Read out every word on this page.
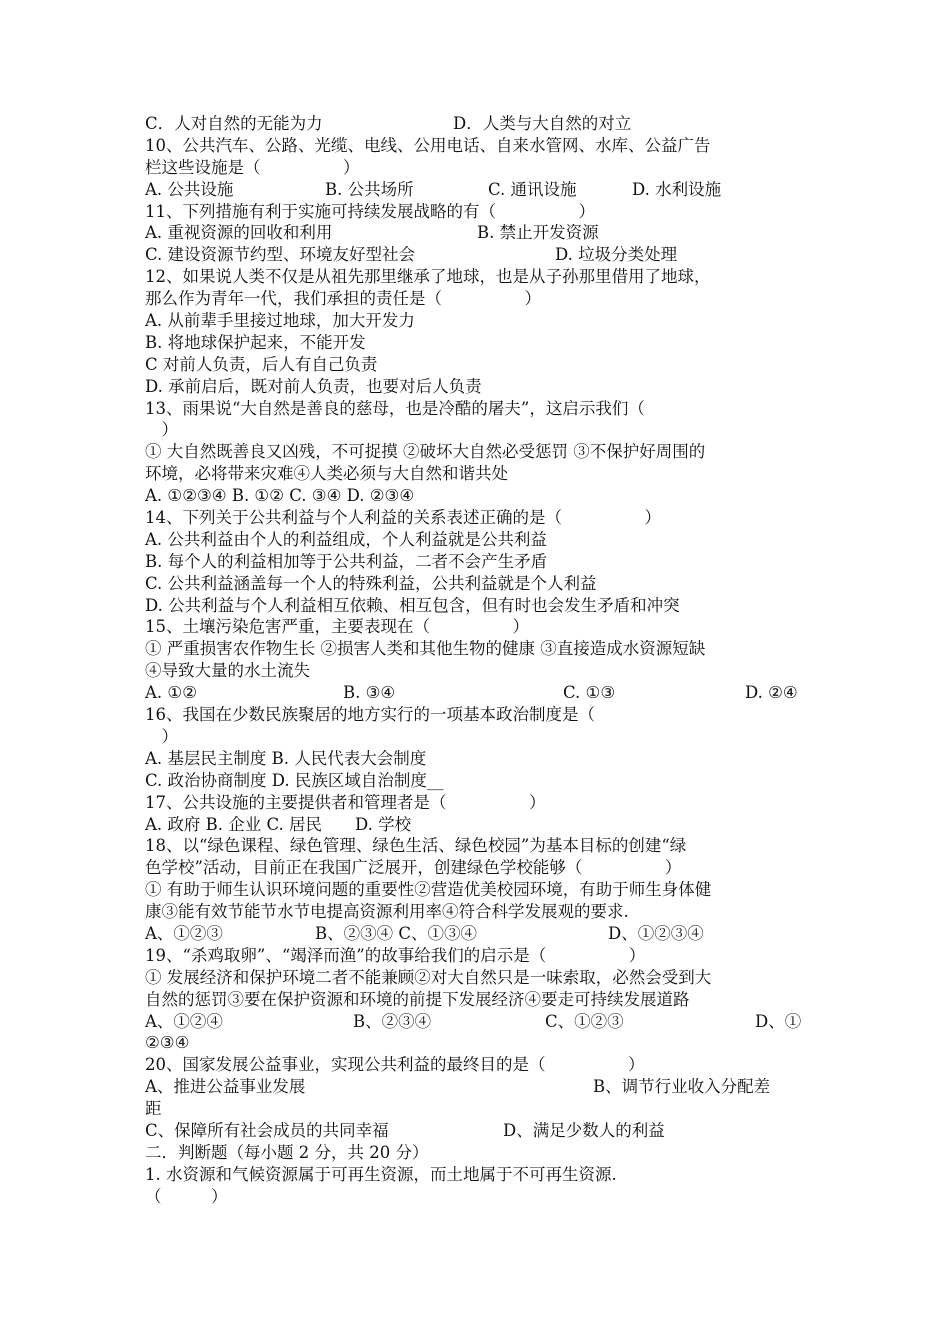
C．人对自然的无能为力	D．人类与大自然的对立
10、公共汽车、公路、光缆、电线、公用电话、自来水管网、水库、公益广告
栏这些设施是（　　　　　）
A. 公共设施	B. 公共场所	C. 通讯设施	D. 水利设施
11、下列措施有利于实施可持续发展战略的有（　　　　　）
A. 重视资源的回收和利用	B. 禁止开发资源
C. 建设资源节约型、环境友好型社会	D. 垃圾分类处理
12、如果说人类不仅是从祖先那里继承了地球，也是从子孙那里借用了地球，
那么作为青年一代，我们承担的责任是（　　　　　）
A. 从前辈手里接过地球，加大开发力
B. 将地球保护起来，不能开发
C 对前人负责，后人有自己负责
D. 承前启后，既对前人负责，也要对后人负责
13、雨果说“大自然是善良的慈母，也是冷酷的屠夫”，这启示我们（
　）
① 大自然既善良又凶残，不可捉摸 ②破坏大自然必受惩罚 ③不保护好周围的
环境，必将带来灾难④人类必须与大自然和谐共处
A. ①②③④ B. ①② C. ③④ D. ②③④
14、下列关于公共利益与个人利益的关系表述正确的是（　　　　　）
A. 公共利益由个人的利益组成，个人利益就是公共利益
B. 每个人的利益相加等于公共利益，二者不会产生矛盾
C. 公共利益涵盖每一个人的特殊利益，公共利益就是个人利益
D. 公共利益与个人利益相互依赖、相互包含，但有时也会发生矛盾和冲突
15、土壤污染危害严重，主要表现在（　　　　　）
① 严重损害农作物生长 ②损害人类和其他生物的健康 ③直接造成水资源短缺
④导致大量的水土流失
A. ①②	B. ③④	C. ①③	D. ②④
16、我国在少数民族聚居的地方实行的一项基本政治制度是（
　）
A. 基层民主制度 B. 人民代表大会制度
C. 政治协商制度 D. 民族区域自治制度__
17、公共设施的主要提供者和管理者是（　　　　　）
A. 政府 B. 企业 C. 居民　　D. 学校
18、以“绿色课程、绿色管理、绿色生活、绿色校园”为基本目标的创建“绿
色学校”活动，目前正在我国广泛展开，创建绿色学校能够（　　　　　）
① 有助于师生认识环境问题的重要性②营造优美校园环境，有助于师生身体健
康③能有效节能节水节电提高资源利用率④符合科学发展观的要求.
A、①②③	B、②③④ C、①③④	D、①②③④
19、“杀鸡取卵”、“竭泽而渔”的故事给我们的启示是（　　　　　）
① 发展经济和保护环境二者不能兼顾②对大自然只是一味索取，必然会受到大
自然的惩罚③要在保护资源和环境的前提下发展经济④要走可持续发展道路
A、①②④	B、②③④	C、①②③	D、①
②③④
20、国家发展公益事业，实现公共利益的最终目的是（　　　　　）
A、推进公益事业发展	B、调节行业收入分配差
距
C、保障所有社会成员的共同幸福	D、满足少数人的利益
二．判断题（每小题 2 分，共 20 分）
1. 水资源和气候资源属于可再生资源，而土地属于不可再生资源.
（　　　）
